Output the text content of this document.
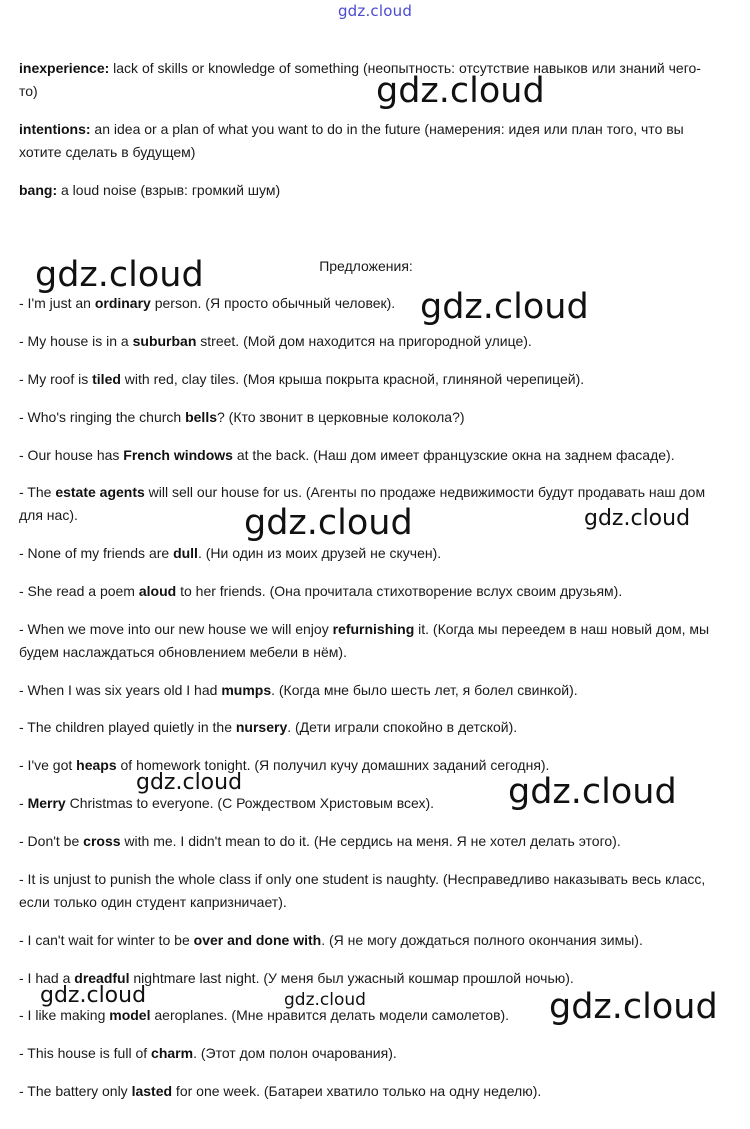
gdz.cloud

inexperience: lack of skills or knowledge of something (неопытность: отсутствие навыков или знаний чего-то)

intentions: an idea or a plan of what you want to do in the future (намерения: идея или план того, что вы хотите сделать в будущем)

bang: a loud noise (взрыв: громкий шум)

Предложения:

- I'm just an ordinary person. (Я просто обычный человек).

- My house is in a suburban street. (Мой дом находится на пригородной улице).

- My roof is tiled with red, clay tiles. (Моя крыша покрыта красной, глиняной черепицей).

- Who's ringing the church bells? (Кто звонит в церковные колокола?)

- Our house has French windows at the back. (Наш дом имеет французские окна на заднем фасаде).

- The estate agents will sell our house for us. (Агенты по продаже недвижимости будут продавать наш дом для нас).

- None of my friends are dull. (Ни один из моих друзей не скучен).

- She read a poem aloud to her friends. (Она прочитала стихотворение вслух своим друзьям).

- When we move into our new house we will enjoy refurnishing it. (Когда мы переедем в наш новый дом, мы будем наслаждаться обновлением мебели в нём).

- When I was six years old I had mumps. (Когда мне было шесть лет, я болел свинкой).

- The children played quietly in the nursery. (Дети играли спокойно в детской).

- I've got heaps of homework tonight. (Я получил кучу домашних заданий сегодня).

- Merry Christmas to everyone. (С Рождеством Христовым всех).

- Don't be cross with me. I didn't mean to do it. (Не сердись на меня. Я не хотел делать этого).

- It is unjust to punish the whole class if only one student is naughty. (Несправедливо наказывать весь класс, если только один студент капризничает).

- I can't wait for winter to be over and done with. (Я не могу дождаться полного окончания зимы).

- I had a dreadful nightmare last night. (У меня был ужасный кошмар прошлой ночью).

- I like making model aeroplanes. (Мне нравится делать модели самолетов).

- This house is full of charm. (Этот дом полон очарования).

- The battery only lasted for one week. (Батареи хватило только на одну неделю).

gdz.cloud
gdz.cloud
gdz.cloud
gdz.cloud	gdz.cloud
gdz.cloud	gdz.cloud
gdz.cloud	gdz.cloud	gdz.cloud
